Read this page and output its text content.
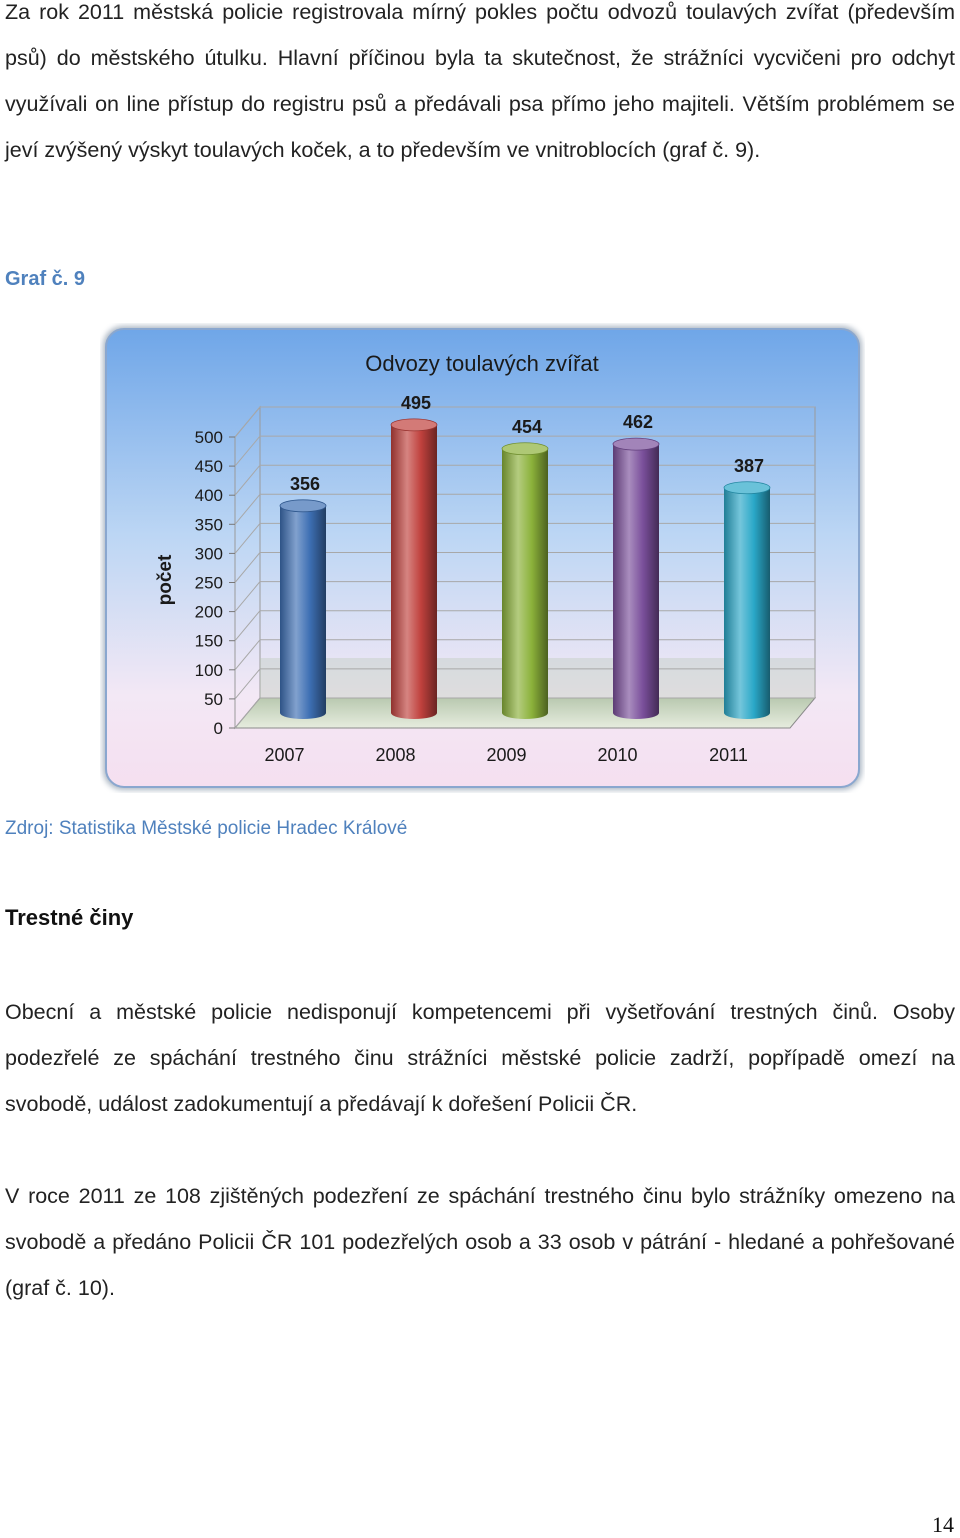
Za rok 2011 městská policie registrovala mírný pokles počtu odvozů toulavých zvířat (především psů) do městského útulku. Hlavní příčinou byla ta skutečnost, že strážníci vycvičeni pro odchyt využívali on line přístup do registru psů a předávali psa přímo jeho majiteli. Větším problémem se jeví zvýšený výskyt toulavých koček, a to především ve vnitroblocích (graf č. 9).

Graf č. 9

Odvozy toulavých zvířat
počet
0
50
100
150
200
250
300
350
400
450
500
2007	2008	2009	2010	2011
356
495
454	462
387

Zdroj: Statistika Městské policie Hradec Králové

Trestné činy

Obecní a městské policie nedisponují kompetencemi při vyšetřování trestných činů. Osoby podezřelé ze spáchání trestného činu strážníci městské policie zadrží, popřípadě omezí na svobodě, událost zadokumentují a předávají k dořešení Policii ČR.

V roce 2011 ze 108 zjištěných podezření ze spáchání trestného činu bylo strážníky omezeno na svobodě a předáno Policii ČR 101 podezřelých osob a 33 osob v pátrání - hledané a pohřešované (graf č. 10).

14
